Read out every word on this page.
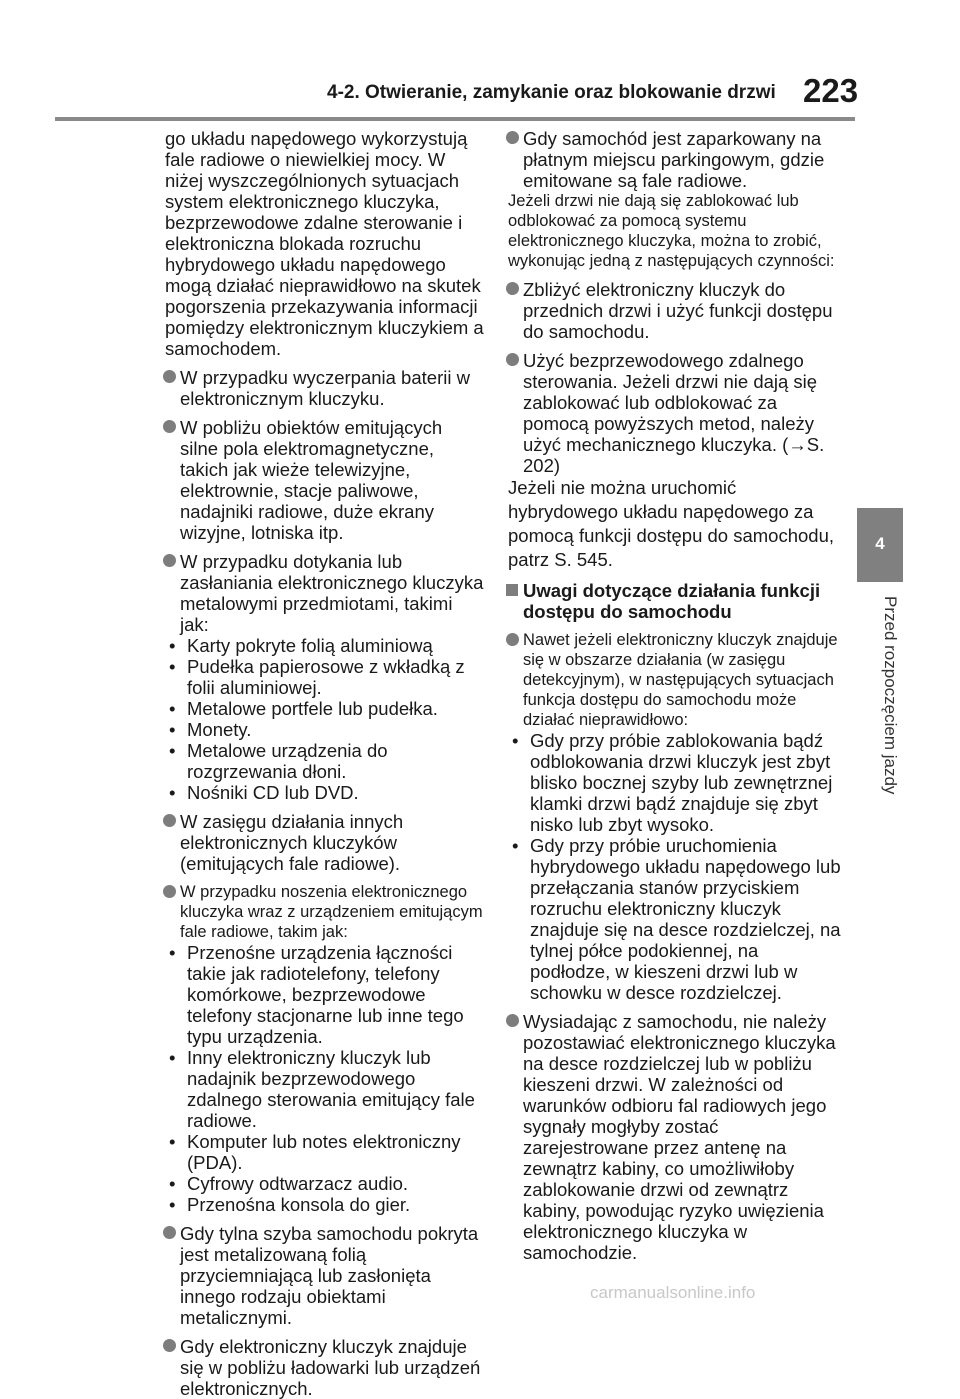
4-2. Otwieranie, zamykanie oraz blokowanie drzwi 223
4
Przed rozpoczęciem jazdy

go układu napędowego wykorzystują fale radiowe o niewielkiej mocy. W niżej wyszczególnionych sytuacjach system elektronicznego kluczyka, bezprzewodowe zdalne sterowanie i elektroniczna blokada rozruchu hybrydowego układu napędowego mogą działać nieprawidłowo na skutek pogorszenia przekazywania informacji pomiędzy elektronicznym kluczykiem a samochodem.

W przypadku wyczerpania baterii w elektronicznym kluczyku.
W pobliżu obiektów emitujących silne pola elektromagnetyczne, takich jak wieże telewizyjne, elektrownie, stacje paliwowe, nadajniki radiowe, duże ekrany wizyjne, lotniska itp.
W przypadku dotykania lub zasłaniania elektronicznego kluczyka metalowymi przedmiotami, takimi jak:
• Karty pokryte folią aluminiową
• Pudełka papierosowe z wkładką z folii aluminiowej.
• Metalowe portfele lub pudełka.
• Monety.
• Metalowe urządzenia do rozgrzewania dłoni.
• Nośniki CD lub DVD.
W zasięgu działania innych elektronicznych kluczyków (emitujących fale radiowe).
W przypadku noszenia elektronicznego kluczyka wraz z urządzeniem emitującym fale radiowe, takim jak:
• Przenośne urządzenia łączności takie jak radiotelefony, telefony komórkowe, bezprzewodowe telefony stacjonarne lub inne tego typu urządzenia.
• Inny elektroniczny kluczyk lub nadajnik bezprzewodowego zdalnego sterowania emitujący fale radiowe.
• Komputer lub notes elektroniczny (PDA).
• Cyfrowy odtwarzacz audio.
• Przenośna konsola do gier.
Gdy tylna szyba samochodu pokryta jest metalizowaną folią przyciemniającą lub zasłonięta innego rodzaju obiektami metalicznymi.
Gdy elektroniczny kluczyk znajduje się w pobliżu ładowarki lub urządzeń elektronicznych.
Gdy samochód jest zaparkowany na płatnym miejscu parkingowym, gdzie emitowane są fale radiowe.

Jeżeli drzwi nie dają się zablokować lub odblokować za pomocą systemu elektronicznego kluczyka, można to zrobić, wykonując jedną z następujących czynności:

Zbliżyć elektroniczny kluczyk do przednich drzwi i użyć funkcji dostępu do samochodu.
Użyć bezprzewodowego zdalnego sterowania. Jeżeli drzwi nie dają się zablokować lub odblokować za pomocą powyższych metod, należy użyć mechanicznego kluczyka. (→S. 202)

Jeżeli nie można uruchomić hybrydowego układu napędowego za pomocą funkcji dostępu do samochodu, patrz S. 545.

Uwagi dotyczące działania funkcji dostępu do samochodu
Nawet jeżeli elektroniczny kluczyk znajduje się w obszarze działania (w zasięgu detekcyjnym), w następujących sytuacjach funkcja dostępu do samochodu może działać nieprawidłowo:
• Gdy przy próbie zablokowania bądź odblokowania drzwi kluczyk jest zbyt blisko bocznej szyby lub zewnętrznej klamki drzwi bądź znajduje się zbyt nisko lub zbyt wysoko.
• Gdy przy próbie uruchomienia hybrydowego układu napędowego lub przełączania stanów przyciskiem rozruchu elektroniczny kluczyk znajduje się na desce rozdzielczej, na tylnej półce podokiennej, na podłodze, w kieszeni drzwi lub w schowku w desce rozdzielczej.
Wysiadając z samochodu, nie należy pozostawiać elektronicznego kluczyka na desce rozdzielczej lub w pobliżu kieszeni drzwi. W zależności od warunków odbioru fal radiowych jego sygnały mogłyby zostać zarejestrowane przez antenę na zewnątrz kabiny, co umożliwiłoby zablokowanie drzwi od zewnątrz kabiny, powodując ryzyko uwięzienia elektronicznego kluczyka w samochodzie.
carmanualsonline.info
